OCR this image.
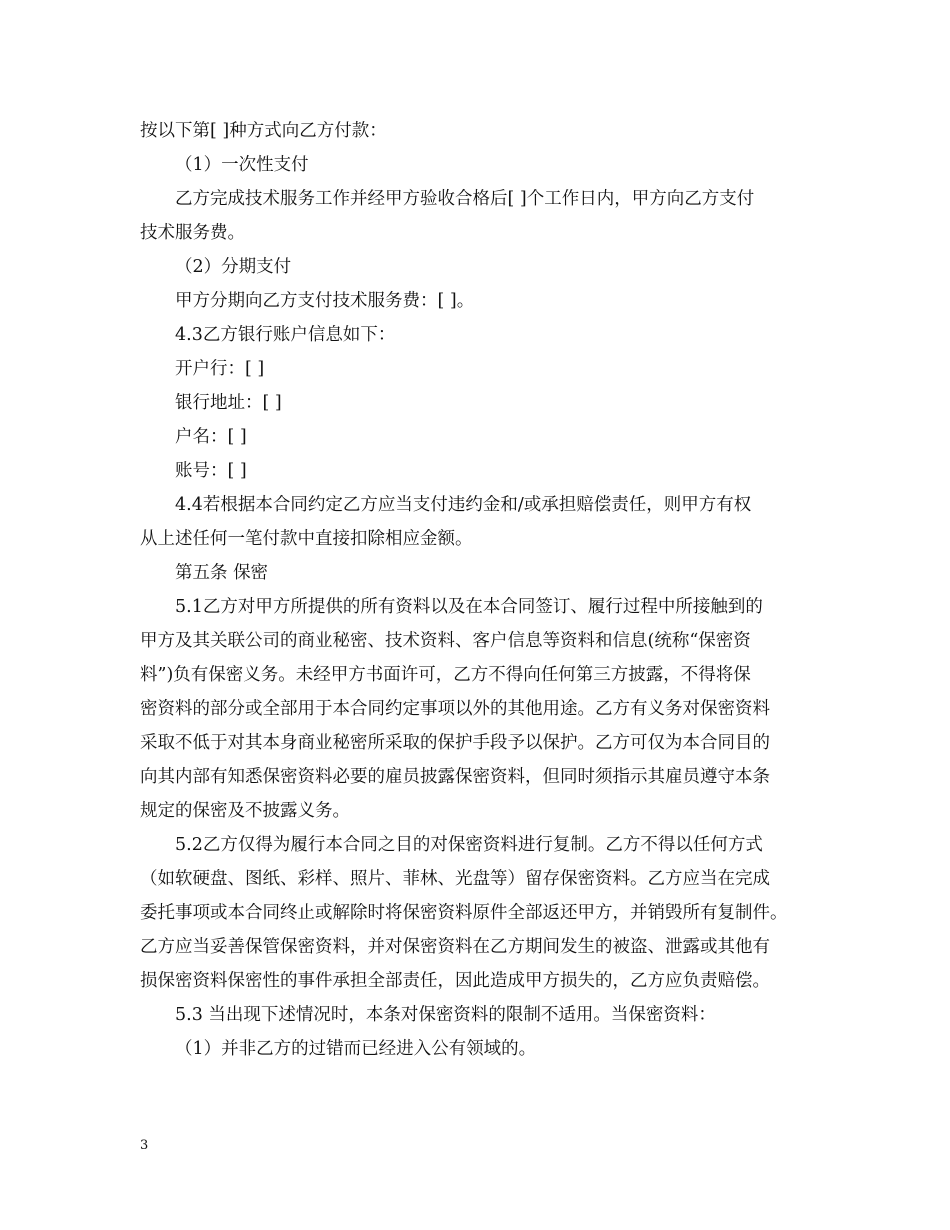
按以下第[ ]种方式向乙方付款：
（1）一次性支付
乙方完成技术服务工作并经甲方验收合格后[ ]个工作日内，甲方向乙方支付
技术服务费。
（2）分期支付
甲方分期向乙方支付技术服务费：[ ]。
4.3乙方银行账户信息如下：
开户行：[ ]
银行地址：[ ]
户名：[ ]
账号：[ ]
4.4若根据本合同约定乙方应当支付违约金和/或承担赔偿责任，则甲方有权
从上述任何一笔付款中直接扣除相应金额。
第五条 保密
5.1乙方对甲方所提供的所有资料以及在本合同签订、履行过程中所接触到的
甲方及其关联公司的商业秘密、技术资料、客户信息等资料和信息(统称“保密资
料”)负有保密义务。未经甲方书面许可，乙方不得向任何第三方披露，不得将保
密资料的部分或全部用于本合同约定事项以外的其他用途。乙方有义务对保密资料
采取不低于对其本身商业秘密所采取的保护手段予以保护。乙方可仅为本合同目的
向其内部有知悉保密资料必要的雇员披露保密资料，但同时须指示其雇员遵守本条
规定的保密及不披露义务。
5.2乙方仅得为履行本合同之目的对保密资料进行复制。乙方不得以任何方式
（如软硬盘、图纸、彩样、照片、菲林、光盘等）留存保密资料。乙方应当在完成
委托事项或本合同终止或解除时将保密资料原件全部返还甲方，并销毁所有复制件。
乙方应当妥善保管保密资料，并对保密资料在乙方期间发生的被盗、泄露或其他有
损保密资料保密性的事件承担全部责任，因此造成甲方损失的，乙方应负责赔偿。
5.3 当出现下述情况时，本条对保密资料的限制不适用。当保密资料：
（1）并非乙方的过错而已经进入公有领域的。
3
